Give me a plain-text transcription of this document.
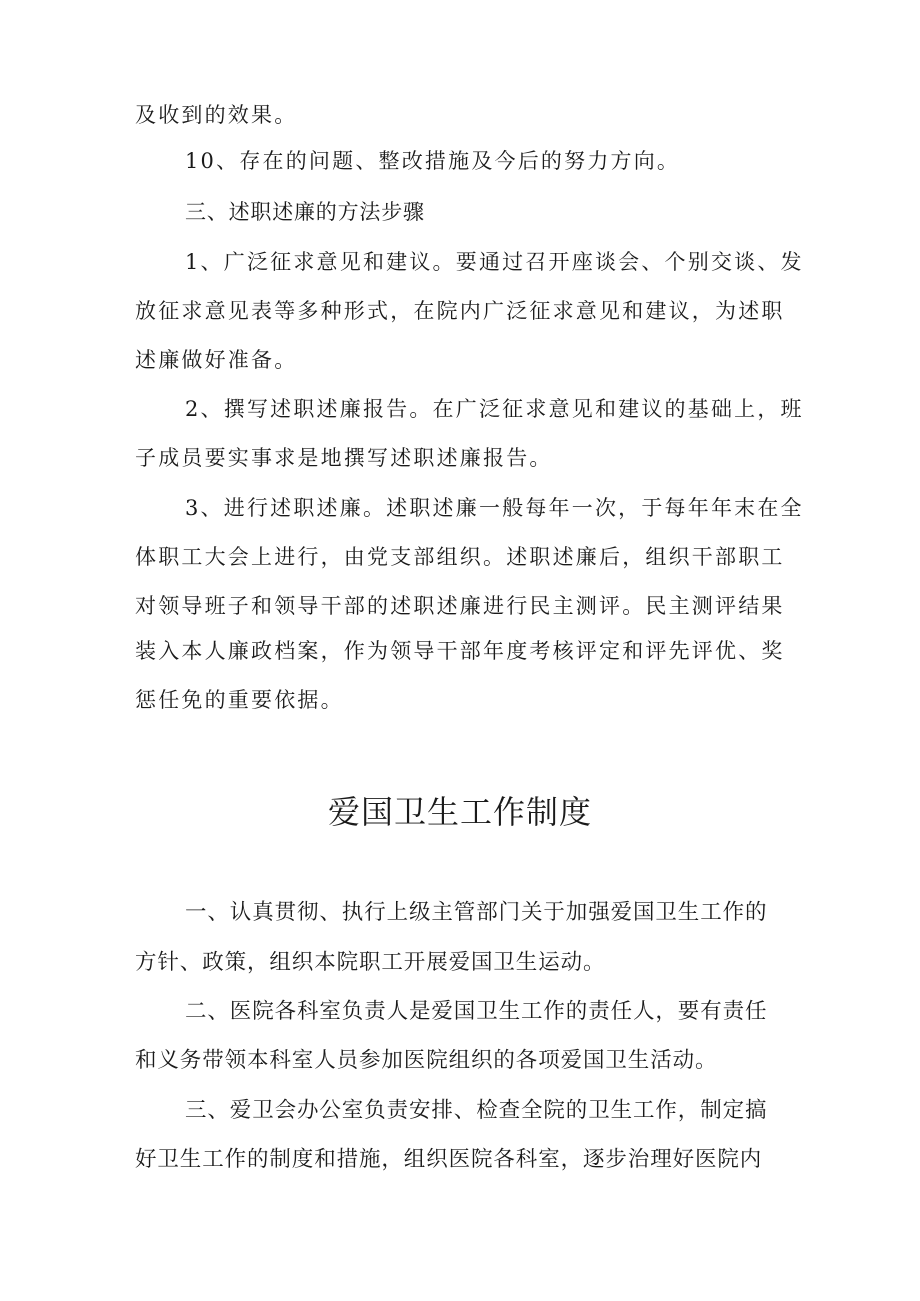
及收到的效果。

10、存在的问题、整改措施及今后的努力方向。

三、述职述廉的方法步骤

1、广泛征求意见和建议。要通过召开座谈会、个别交谈、发

放征求意见表等多种形式，在院内广泛征求意见和建议，为述职

述廉做好准备。

2、撰写述职述廉报告。在广泛征求意见和建议的基础上，班

子成员要实事求是地撰写述职述廉报告。

3、进行述职述廉。述职述廉一般每年一次，于每年年末在全

体职工大会上进行，由党支部组织。述职述廉后，组织干部职工

对领导班子和领导干部的述职述廉进行民主测评。民主测评结果

装入本人廉政档案，作为领导干部年度考核评定和评先评优、奖

惩任免的重要依据。

爱国卫生工作制度

一、认真贯彻、执行上级主管部门关于加强爱国卫生工作的

方针、政策，组织本院职工开展爱国卫生运动。

二、医院各科室负责人是爱国卫生工作的责任人，要有责任

和义务带领本科室人员参加医院组织的各项爱国卫生活动。

三、爱卫会办公室负责安排、检查全院的卫生工作，制定搞

好卫生工作的制度和措施，组织医院各科室，逐步治理好医院内
